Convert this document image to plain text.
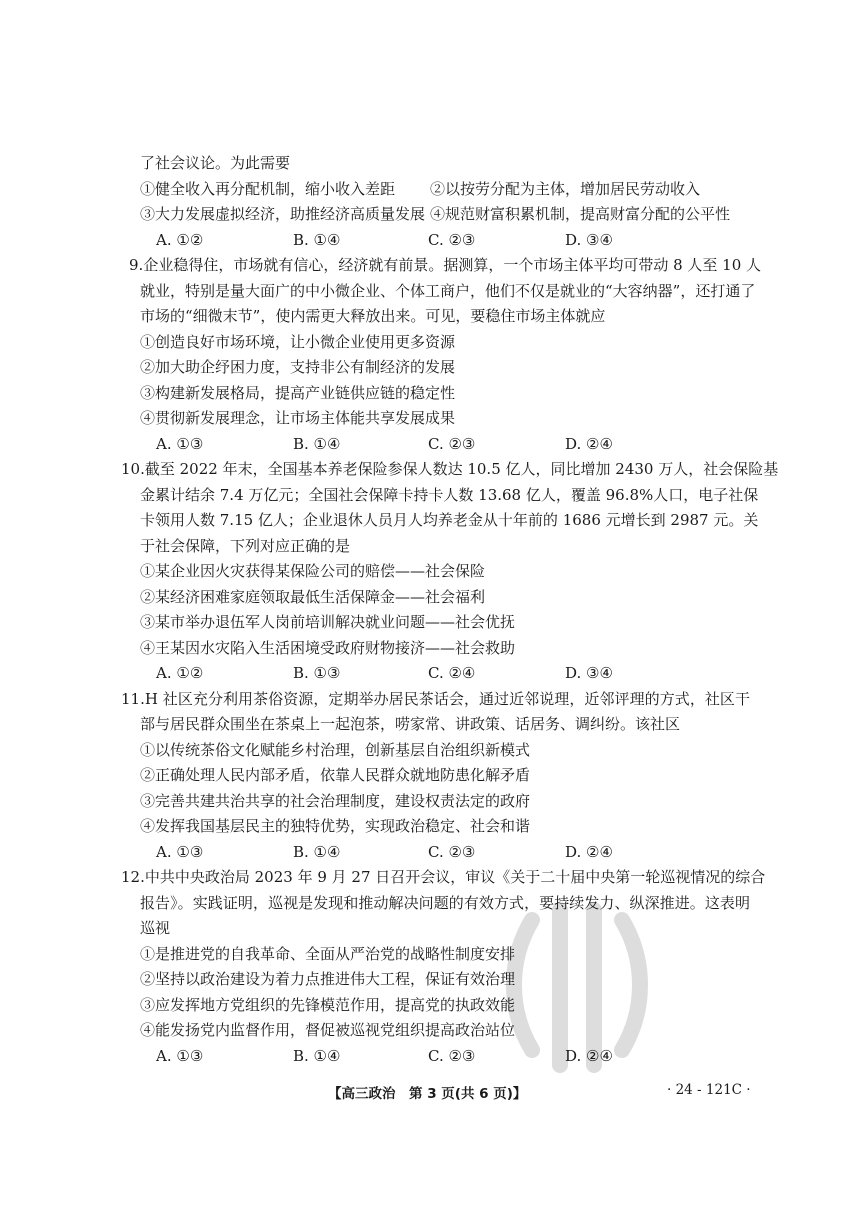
了社会议论。为此需要
①健全收入再分配机制，缩小收入差距	②以按劳分配为主体，增加居民劳动收入
③大力发展虚拟经济，助推经济高质量发展 ④规范财富积累机制，提高财富分配的公平性
A. ①②	B. ①④	C. ②③	D. ③④
9.企业稳得住，市场就有信心，经济就有前景。据测算，一个市场主体平均可带动 8 人至 10 人
就业，特别是量大面广的中小微企业、个体工商户，他们不仅是就业的“大容纳器”，还打通了
市场的“细微末节”，使内需更大释放出来。可见，要稳住市场主体就应
①创造良好市场环境，让小微企业使用更多资源
②加大助企纾困力度，支持非公有制经济的发展
③构建新发展格局，提高产业链供应链的稳定性
④贯彻新发展理念，让市场主体能共享发展成果
A. ①③	B. ①④	C. ②③	D. ②④
10.截至 2022 年末，全国基本养老保险参保人数达 10.5 亿人，同比增加 2430 万人，社会保险基
金累计结余 7.4 万亿元；全国社会保障卡持卡人数 13.68 亿人，覆盖 96.8%人口，电子社保
卡领用人数 7.15 亿人；企业退休人员月人均养老金从十年前的 1686 元增长到 2987 元。关
于社会保障，下列对应正确的是
①某企业因火灾获得某保险公司的赔偿——社会保险
②某经济困难家庭领取最低生活保障金——社会福利
③某市举办退伍军人岗前培训解决就业问题——社会优抚
④王某因水灾陷入生活困境受政府财物接济——社会救助
A. ①②	B. ①③	C. ②④	D. ③④
11.H 社区充分利用茶俗资源，定期举办居民茶话会，通过近邻说理，近邻评理的方式，社区干
部与居民群众围坐在茶桌上一起泡茶，唠家常、讲政策、话居务、调纠纷。该社区
①以传统茶俗文化赋能乡村治理，创新基层自治组织新模式
②正确处理人民内部矛盾，依靠人民群众就地防患化解矛盾
③完善共建共治共享的社会治理制度，建设权责法定的政府
④发挥我国基层民主的独特优势，实现政治稳定、社会和谐
A. ①③	B. ①④	C. ②③	D. ②④
12.中共中央政治局 2023 年 9 月 27 日召开会议，审议《关于二十届中央第一轮巡视情况的综合
报告》。实践证明，巡视是发现和推动解决问题的有效方式，要持续发力、纵深推进。这表明
巡视
①是推进党的自我革命、全面从严治党的战略性制度安排
②坚持以政治建设为着力点推进伟大工程，保证有效治理
③应发挥地方党组织的先锋模范作用，提高党的执政效能
④能发扬党内监督作用，督促被巡视党组织提高政治站位
A. ①③	B. ①④	C. ②③	D. ②④
【高三政治　第 3 页(共 6 页)】	· 24 - 121C ·
